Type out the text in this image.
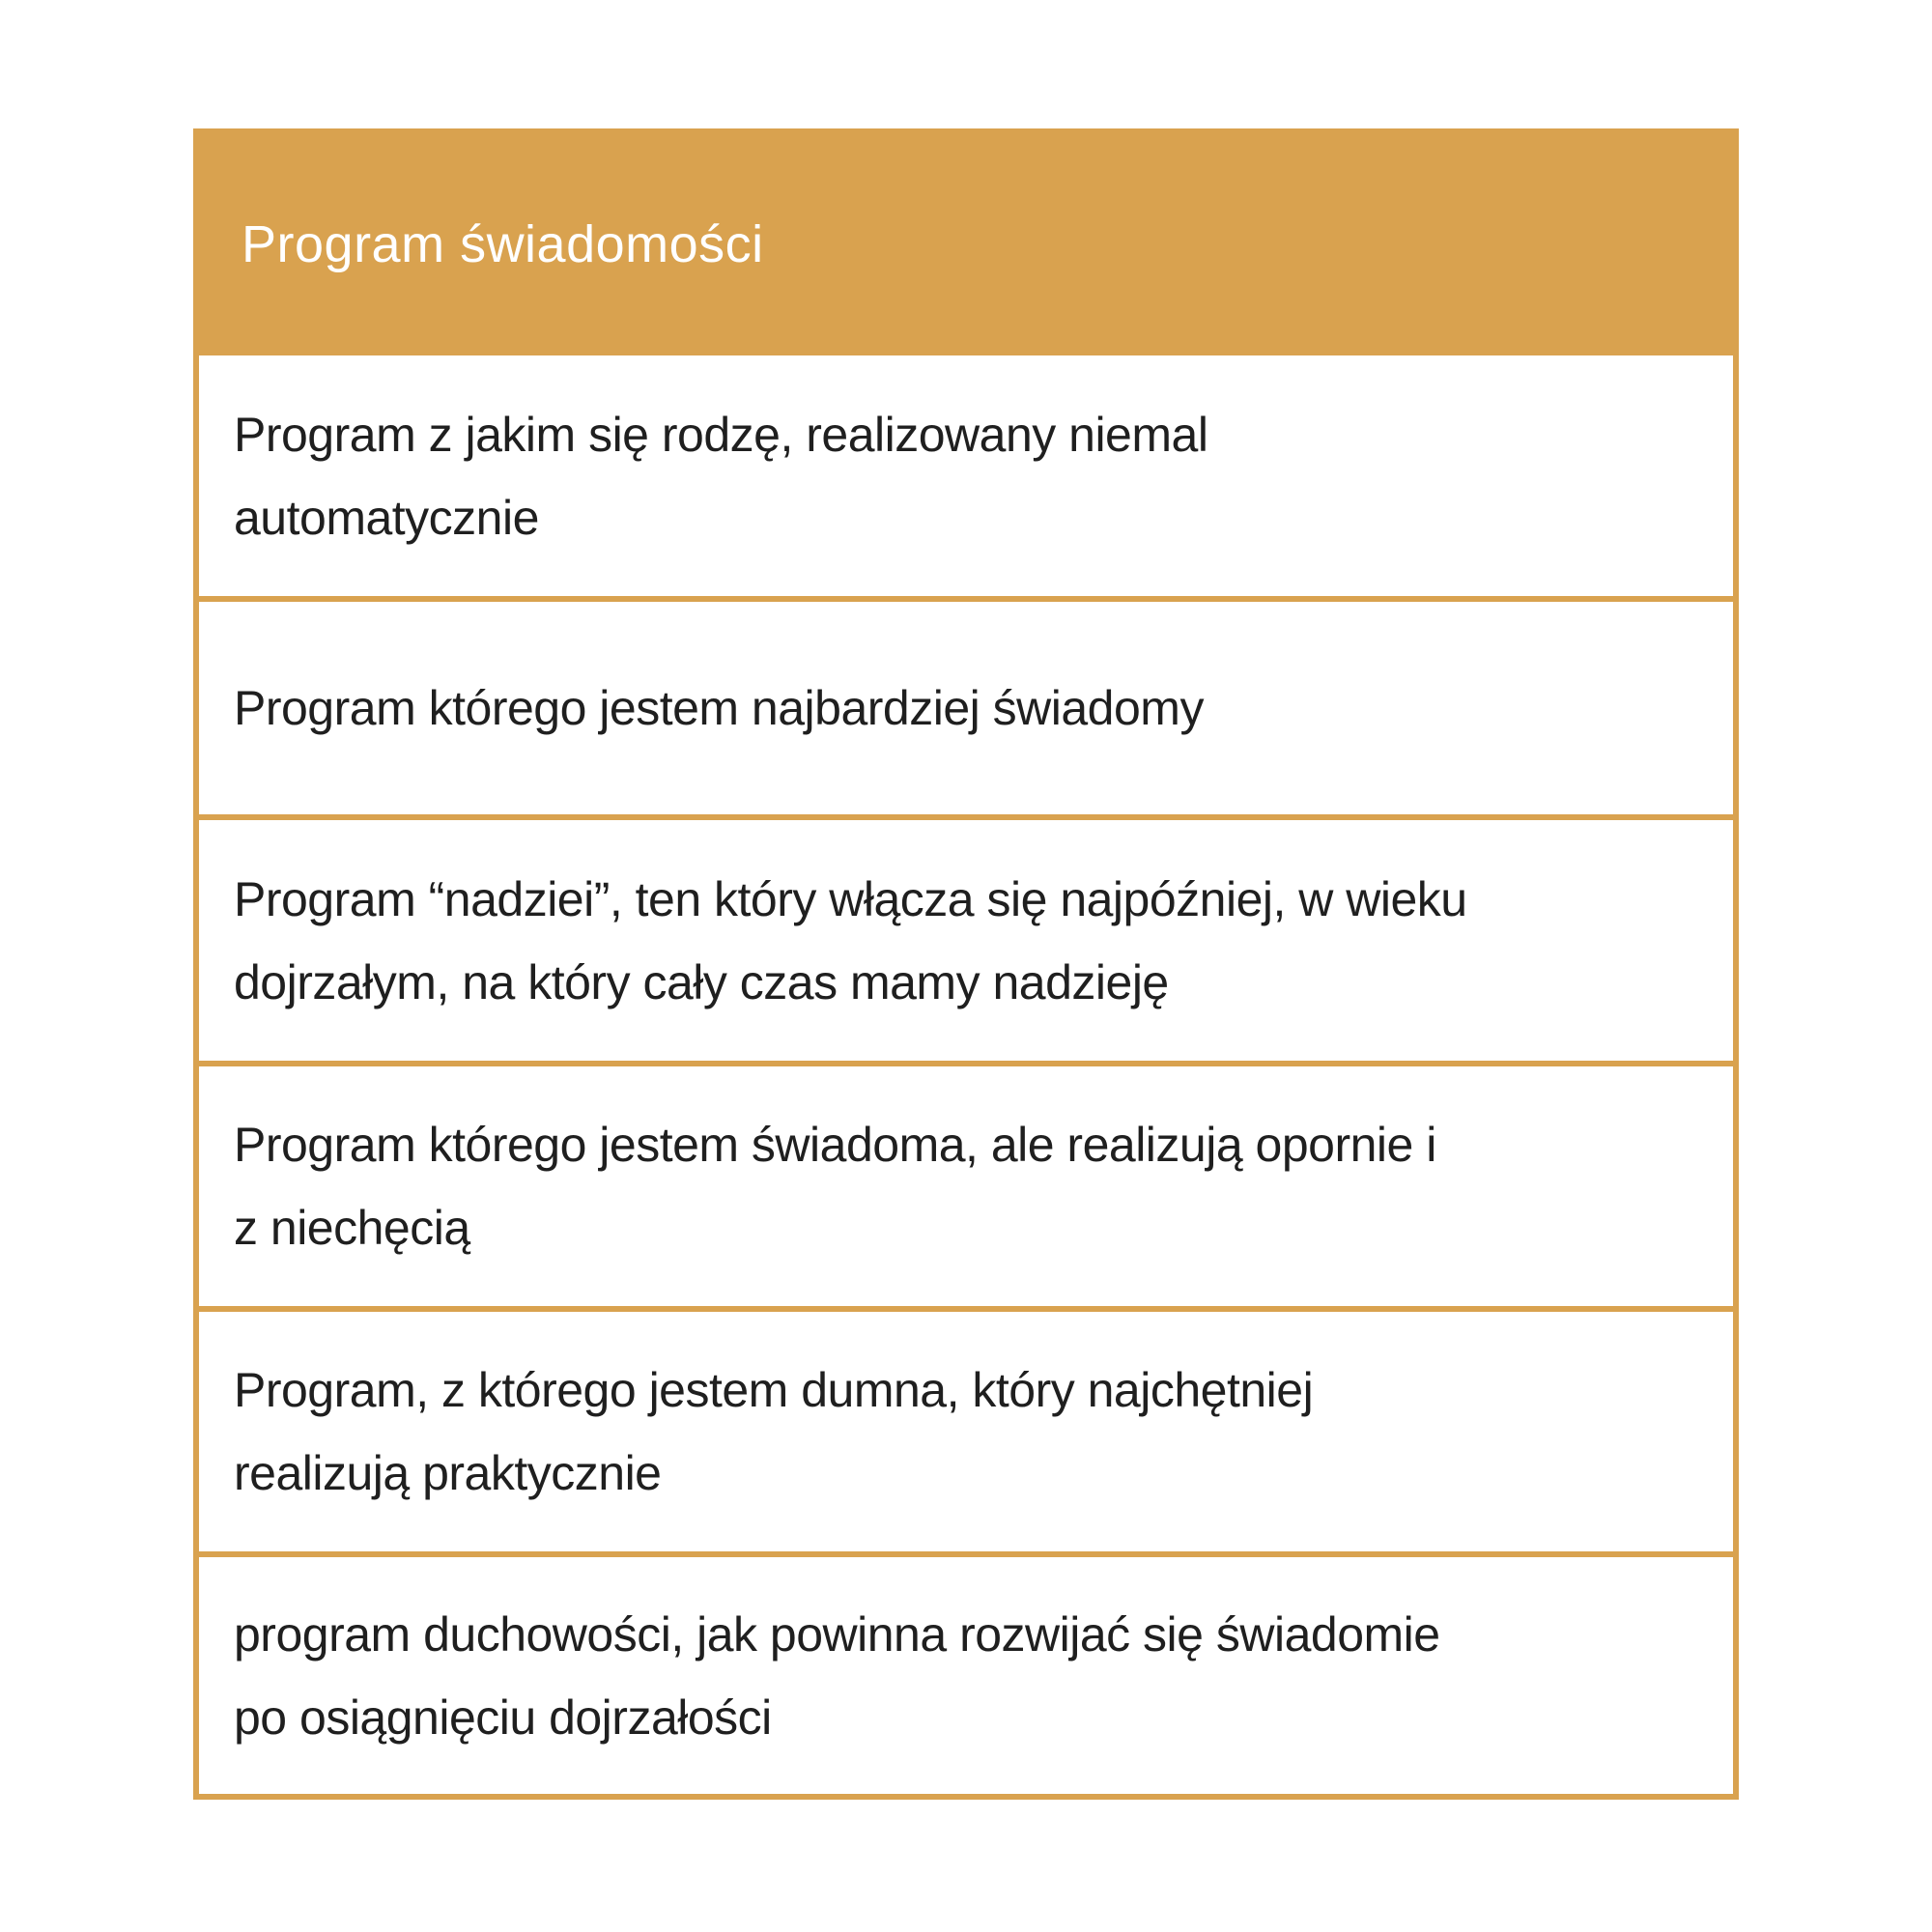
Program świadomości
Program z jakim się rodzę, realizowany niemal
automatycznie
Program którego jestem najbardziej świadomy
Program “nadziei”, ten który włącza się najpóźniej, w wieku
dojrzałym, na który cały czas mamy nadzieję
Program którego jestem świadoma, ale realizują opornie i
z niechęcią
Program, z którego jestem dumna, który najchętniej
realizują praktycznie
program duchowości, jak powinna rozwijać się świadomie
po osiągnięciu dojrzałości
